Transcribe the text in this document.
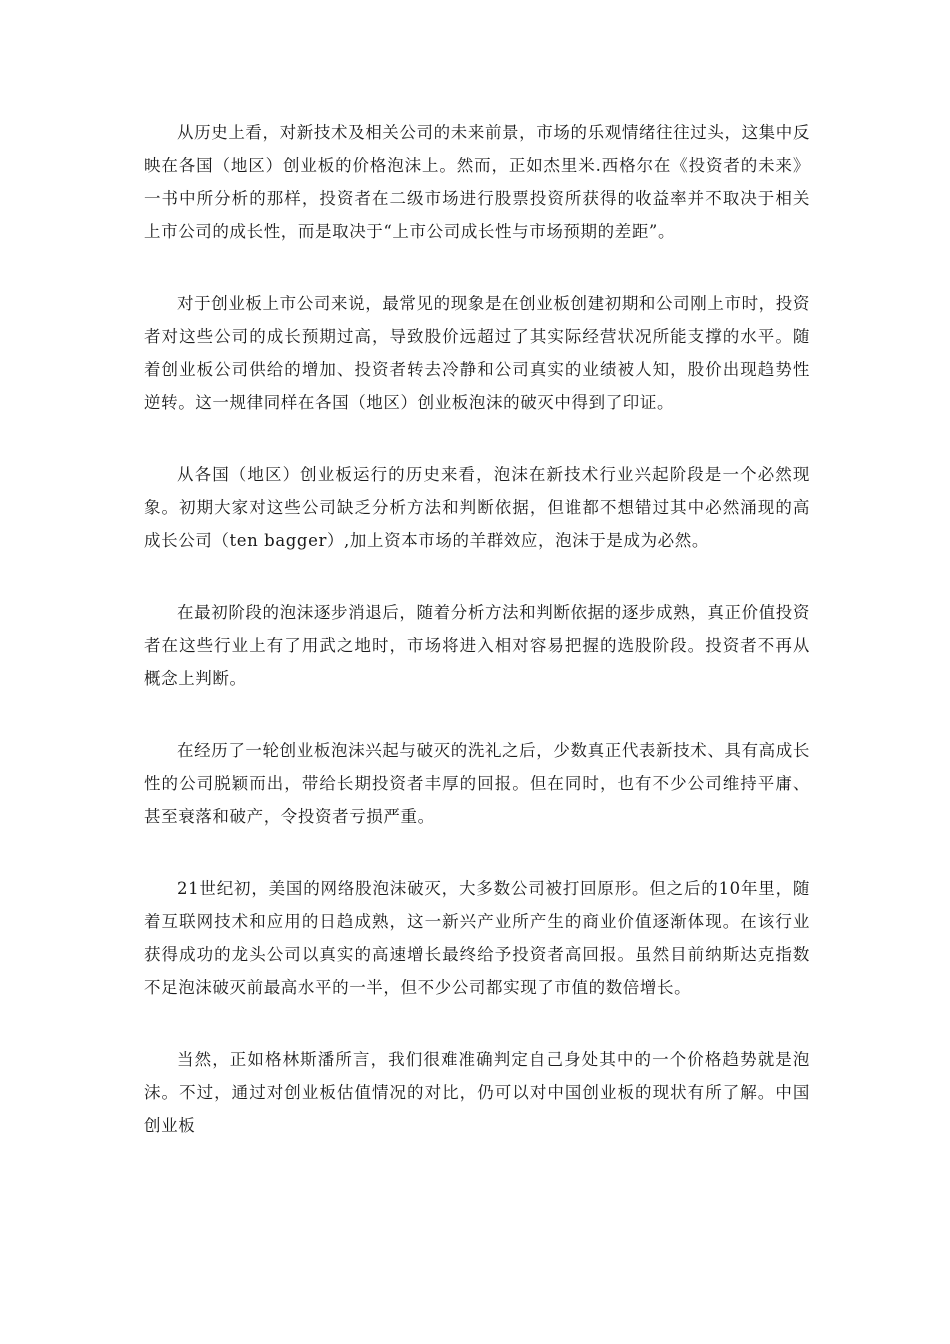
从历史上看，对新技术及相关公司的未来前景，市场的乐观情绪往往过头，这集中反映在各国（地区）创业板的价格泡沫上。然而，正如杰里米.西格尔在《投资者的未来》一书中所分析的那样，投资者在二级市场进行股票投资所获得的收益率并不取决于相关上市公司的成长性，而是取决于“上市公司成长性与市场预期的差距”。

对于创业板上市公司来说，最常见的现象是在创业板创建初期和公司刚上市时，投资者对这些公司的成长预期过高，导致股价远超过了其实际经营状况所能支撑的水平。随着创业板公司供给的增加、投资者转去冷静和公司真实的业绩被人知，股价出现趋势性逆转。这一规律同样在各国（地区）创业板泡沫的破灭中得到了印证。

从各国（地区）创业板运行的历史来看，泡沫在新技术行业兴起阶段是一个必然现象。初期大家对这些公司缺乏分析方法和判断依据，但谁都不想错过其中必然涌现的高成长公司（ten bagger）,加上资本市场的羊群效应，泡沫于是成为必然。

在最初阶段的泡沫逐步消退后，随着分析方法和判断依据的逐步成熟，真正价值投资者在这些行业上有了用武之地时，市场将进入相对容易把握的选股阶段。投资者不再从概念上判断。

在经历了一轮创业板泡沫兴起与破灭的洗礼之后，少数真正代表新技术、具有高成长性的公司脱颖而出，带给长期投资者丰厚的回报。但在同时，也有不少公司维持平庸、甚至衰落和破产，令投资者亏损严重。

21世纪初，美国的网络股泡沫破灭，大多数公司被打回原形。但之后的10年里，随着互联网技术和应用的日趋成熟，这一新兴产业所产生的商业价值逐渐体现。在该行业获得成功的龙头公司以真实的高速增长最终给予投资者高回报。虽然目前纳斯达克指数不足泡沫破灭前最高水平的一半，但不少公司都实现了市值的数倍增长。

当然，正如格林斯潘所言，我们很难准确判定自己身处其中的一个价格趋势就是泡沫。不过，通过对创业板估值情况的对比，仍可以对中国创业板的现状有所了解。中国创业板
